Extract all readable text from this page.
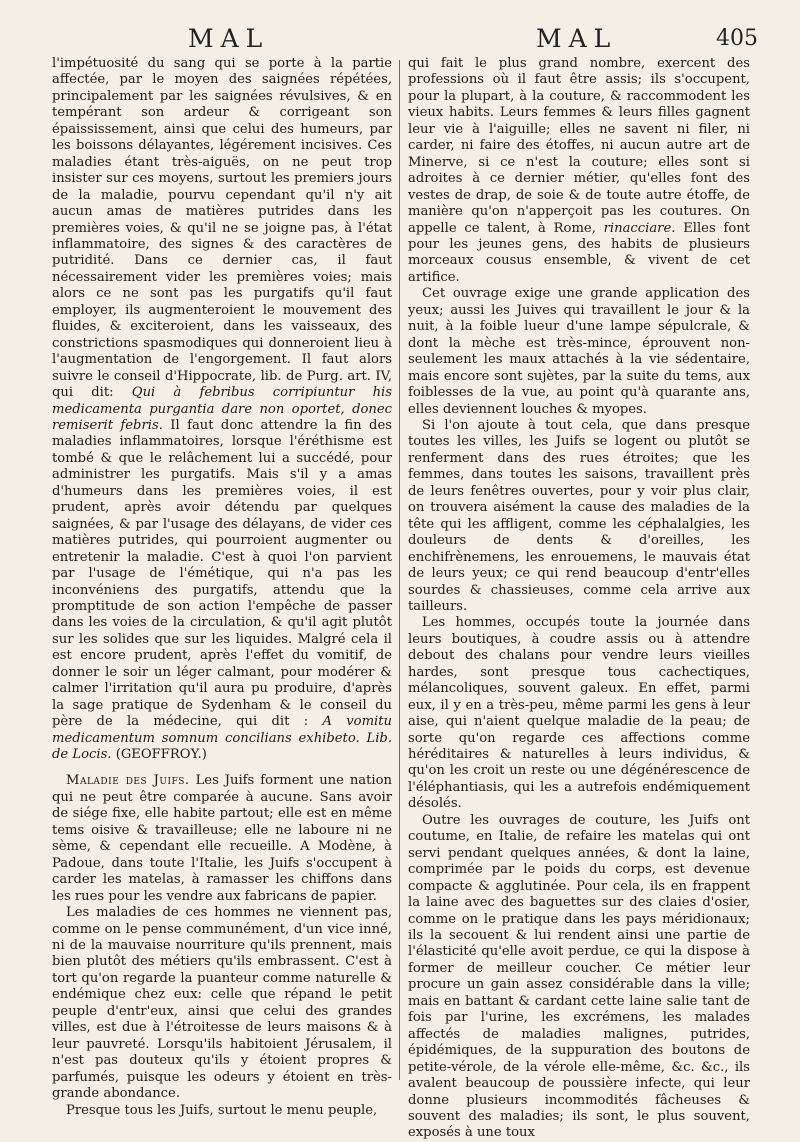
MAL	MAL	405

l'impétuosité du sang qui se porte à la partie affectée, par le moyen des saignées répétées, principalement par les saignées révulsives, & en tempérant son ardeur & corrigeant son épaississement, ainsi que celui des humeurs, par les boissons délayantes, légérement incisives. Ces maladies étant très-aiguës, on ne peut trop insister sur ces moyens, surtout les premiers jours de la maladie, pourvu cependant qu'il n'y ait aucun amas de matières putrides dans les premières voies, & qu'il ne se joigne pas, à l'état inflammatoire, des signes & des caractères de putridité. Dans ce dernier cas, il faut nécessairement vider les premières voies; mais alors ce ne sont pas les purgatifs qu'il faut employer, ils augmenteroient le mouvement des fluides, & exciteroient, dans les vaisseaux, des constrictions spasmodiques qui donneroient lieu à l'augmentation de l'engorgement. Il faut alors suivre le conseil d'Hippocrate, lib. de Purg. art. IV, qui dit: Qui à febribus corripiuntur his medicamenta purgantia dare non oportet, donec remiserit febris. Il faut donc attendre la fin des maladies inflammatoires, lorsque l'éréthisme est tombé & que le relâchement lui a succédé, pour administrer les purgatifs. Mais s'il y a amas d'humeurs dans les premières voies, il est prudent, après avoir détendu par quelques saignées, & par l'usage des délayans, de vider ces matières putrides, qui pourroient augmenter ou entretenir la maladie. C'est à quoi l'on parvient par l'usage de l'émétique, qui n'a pas les inconvéniens des purgatifs, attendu que la promptitude de son action l'empêche de passer dans les voies de la circulation, & qu'il agit plutôt sur les solides que sur les liquides. Malgré cela il est encore prudent, après l'effet du vomitif, de donner le soir un léger calmant, pour modérer & calmer l'irritation qu'il aura pu produire, d'après la sage pratique de Sydenham & le conseil du père de la médecine, qui dit : A vomitu medicamentum somnum concilians exhibeto. Lib. de Locis. (GEOFFROY.)

Maladie des Juifs. Les Juifs forment une nation qui ne peut être comparée à aucune. Sans avoir de siége fixe, elle habite partout; elle est en même tems oisive & travailleuse; elle ne laboure ni ne sème, & cependant elle recueille. A Modène, à Padoue, dans toute l'Italie, les Juifs s'occupent à carder les matelas, à ramasser les chiffons dans les rues pour les vendre aux fabricans de papier.

Les maladies de ces hommes ne viennent pas, comme on le pense communément, d'un vice inné, ni de la mauvaise nourriture qu'ils prennent, mais bien plutôt des métiers qu'ils embrassent. C'est à tort qu'on regarde la puanteur comme naturelle & endémique chez eux: celle que répand le petit peuple d'entr'eux, ainsi que celui des grandes villes, est due à l'étroitesse de leurs maisons & à leur pauvreté. Lorsqu'ils habitoient Jérusalem, il n'est pas douteux qu'ils y étoient propres & parfumés, puisque les odeurs y étoient en très-grande abondance.

Presque tous les Juifs, surtout le menu peuple,

qui fait le plus grand nombre, exercent des professions où il faut être assis; ils s'occupent, pour la plupart, à la couture, & raccommodent les vieux habits. Leurs femmes & leurs filles gagnent leur vie à l'aiguille; elles ne savent ni filer, ni carder, ni faire des étoffes, ni aucun autre art de Minerve, si ce n'est la couture; elles sont si adroites à ce dernier métier, qu'elles font des vestes de drap, de soie & de toute autre étoffe, de manière qu'on n'apperçoit pas les coutures. On appelle ce talent, à Rome, rinacciare. Elles font pour les jeunes gens, des habits de plusieurs morceaux cousus ensemble, & vivent de cet artifice.

Cet ouvrage exige une grande application des yeux; aussi les Juives qui travaillent le jour & la nuit, à la foible lueur d'une lampe sépulcrale, & dont la mèche est très-mince, éprouvent non-seulement les maux attachés à la vie sédentaire, mais encore sont sujètes, par la suite du tems, aux foiblesses de la vue, au point qu'à quarante ans, elles deviennent louches & myopes.

Si l'on ajoute à tout cela, que dans presque toutes les villes, les Juifs se logent ou plutôt se renferment dans des rues étroites; que les femmes, dans toutes les saisons, travaillent près de leurs fenêtres ouvertes, pour y voir plus clair, on trouvera aisément la cause des maladies de la tête qui les affligent, comme les céphalalgies, les douleurs de dents & d'oreilles, les enchifrènemens, les enrouemens, le mauvais état de leurs yeux; ce qui rend beaucoup d'entr'elles sourdes & chassieuses, comme cela arrive aux tailleurs.

Les hommes, occupés toute la journée dans leurs boutiques, à coudre assis ou à attendre debout des chalans pour vendre leurs vieilles hardes, sont presque tous cachectiques, mélancoliques, souvent galeux. En effet, parmi eux, il y en a très-peu, même parmi les gens à leur aise, qui n'aient quelque maladie de la peau; de sorte qu'on regarde ces affections comme héréditaires & naturelles à leurs individus, & qu'on les croit un reste ou une dégénérescence de l'éléphantiasis, qui les a autrefois endémiquement désolés.

Outre les ouvrages de couture, les Juifs ont coutume, en Italie, de refaire les matelas qui ont servi pendant quelques années, & dont la laine, comprimée par le poids du corps, est devenue compacte & agglutinée. Pour cela, ils en frappent la laine avec des baguettes sur des claies d'osier, comme on le pratique dans les pays méridionaux; ils la secouent & lui rendent ainsi une partie de l'élasticité qu'elle avoit perdue, ce qui la dispose à former de meilleur coucher. Ce métier leur procure un gain assez considérable dans la ville; mais en battant & cardant cette laine salie tant de fois par l'urine, les excrémens, les malades affectés de maladies malignes, putrides, épidémiques, de la suppuration des boutons de petite-vérole, de la vérole elle-même, &c. &c., ils avalent beaucoup de poussière infecte, qui leur donne plusieurs incommodités fâcheuses & souvent des maladies; ils sont, le plus souvent, exposés à une toux
